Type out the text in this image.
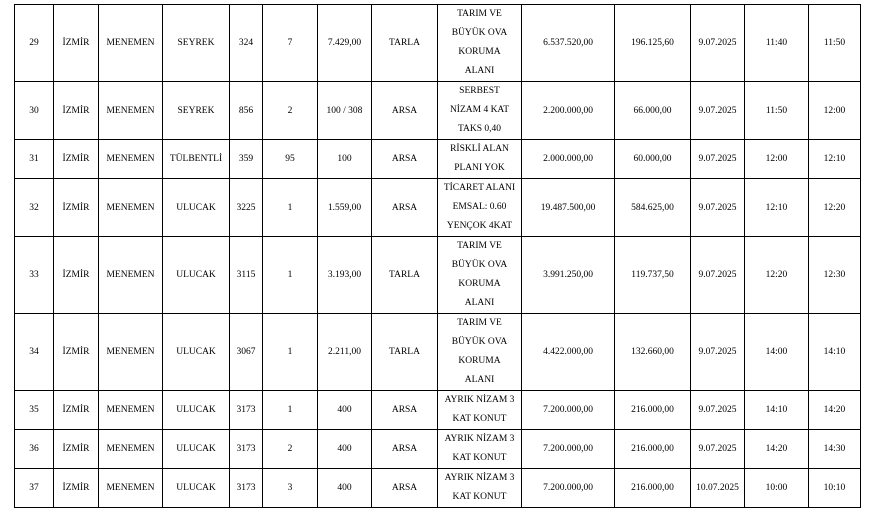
29	İZMİR	MENEMEN	SEYREK	324	7	7.429,00	TARLA	TARIM VE
BÜYÜK OVA
KORUMA
ALANI	6.537.520,00	196.125,60	9.07.2025	11:40	11:50
30	İZMİR	MENEMEN	SEYREK	856	2	100 / 308	ARSA	SERBEST
NİZAM 4 KAT
TAKS 0,40	2.200.000,00	66.000,00	9.07.2025	11:50	12:00
31	İZMİR	MENEMEN	TÜLBENTLİ	359	95	100	ARSA	RİSKLİ ALAN
PLANI YOK	2.000.000,00	60.000,00	9.07.2025	12:00	12:10
32	İZMİR	MENEMEN	ULUCAK	3225	1	1.559,00	ARSA	TİCARET ALANI
EMSAL: 0.60
YENÇOK 4KAT	19.487.500,00	584.625,00	9.07.2025	12:10	12:20
33	İZMİR	MENEMEN	ULUCAK	3115	1	3.193,00	TARLA	TARIM VE
BÜYÜK OVA
KORUMA
ALANI	3.991.250,00	119.737,50	9.07.2025	12:20	12:30
34	İZMİR	MENEMEN	ULUCAK	3067	1	2.211,00	TARLA	TARIM VE
BÜYÜK OVA
KORUMA
ALANI	4.422.000,00	132.660,00	9.07.2025	14:00	14:10
35	İZMİR	MENEMEN	ULUCAK	3173	1	400	ARSA	AYRIK NİZAM 3
KAT KONUT	7.200.000,00	216.000,00	9.07.2025	14:10	14:20
36	İZMİR	MENEMEN	ULUCAK	3173	2	400	ARSA	AYRIK NİZAM 3
KAT KONUT	7.200.000,00	216.000,00	9.07.2025	14:20	14:30
37	İZMİR	MENEMEN	ULUCAK	3173	3	400	ARSA	AYRIK NİZAM 3
KAT KONUT	7.200.000,00	216.000,00	10.07.2025	10:00	10:10
